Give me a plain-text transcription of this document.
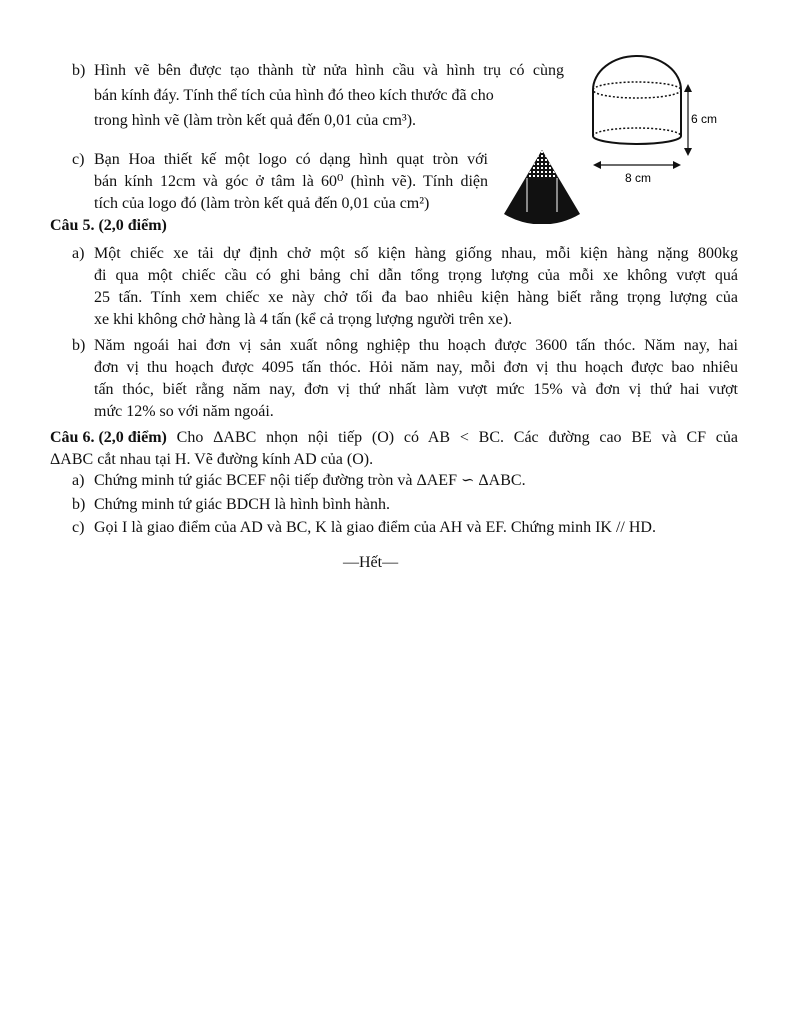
b) Hình vẽ bên được tạo thành từ nửa hình cầu và hình trụ có cùng
bán kính đáy. Tính thể tích của hình đó theo kích thước đã cho
trong hình vẽ (làm tròn kết quả đến 0,01 của cm³).	6 cm
8 cm
c) Bạn Hoa thiết kế một logo có dạng hình quạt tròn với
bán kính 12cm và góc ở tâm là 60⁰ (hình vẽ). Tính diện
tích của logo đó (làm tròn kết quả đến 0,01 của cm²)
Câu 5. (2,0 điểm)
a) Một chiếc xe tải dự định chở một số kiện hàng giống nhau, mỗi kiện hàng nặng 800kg
đi qua một chiếc cầu có ghi bảng chỉ dẫn tổng trọng lượng của mỗi xe không vượt quá
25 tấn. Tính xem chiếc xe này chở tối đa bao nhiêu kiện hàng biết rằng trọng lượng của
xe khi không chở hàng là 4 tấn (kể cả trọng lượng người trên xe).
b) Năm ngoái hai đơn vị sản xuất nông nghiệp thu hoạch được 3600 tấn thóc. Năm nay, hai
đơn vị thu hoạch được 4095 tấn thóc. Hỏi năm nay, mỗi đơn vị thu hoạch được bao nhiêu
tấn thóc, biết rằng năm nay, đơn vị thứ nhất làm vượt mức 15% và đơn vị thứ hai vượt
mức 12% so với năm ngoái.
Câu 6. (2,0 điểm) Cho ΔABC nhọn nội tiếp (O) có AB < BC. Các đường cao BE và CF của
ΔABC cắt nhau tại H. Vẽ đường kính AD của (O).
a) Chứng minh tứ giác BCEF nội tiếp đường tròn và ΔAEF ∽ ΔABC.
b) Chứng minh tứ giác BDCH là hình bình hành.
c) Gọi I là giao điểm của AD và BC, K là giao điểm của AH và EF. Chứng minh IK // HD.
—Hết—
